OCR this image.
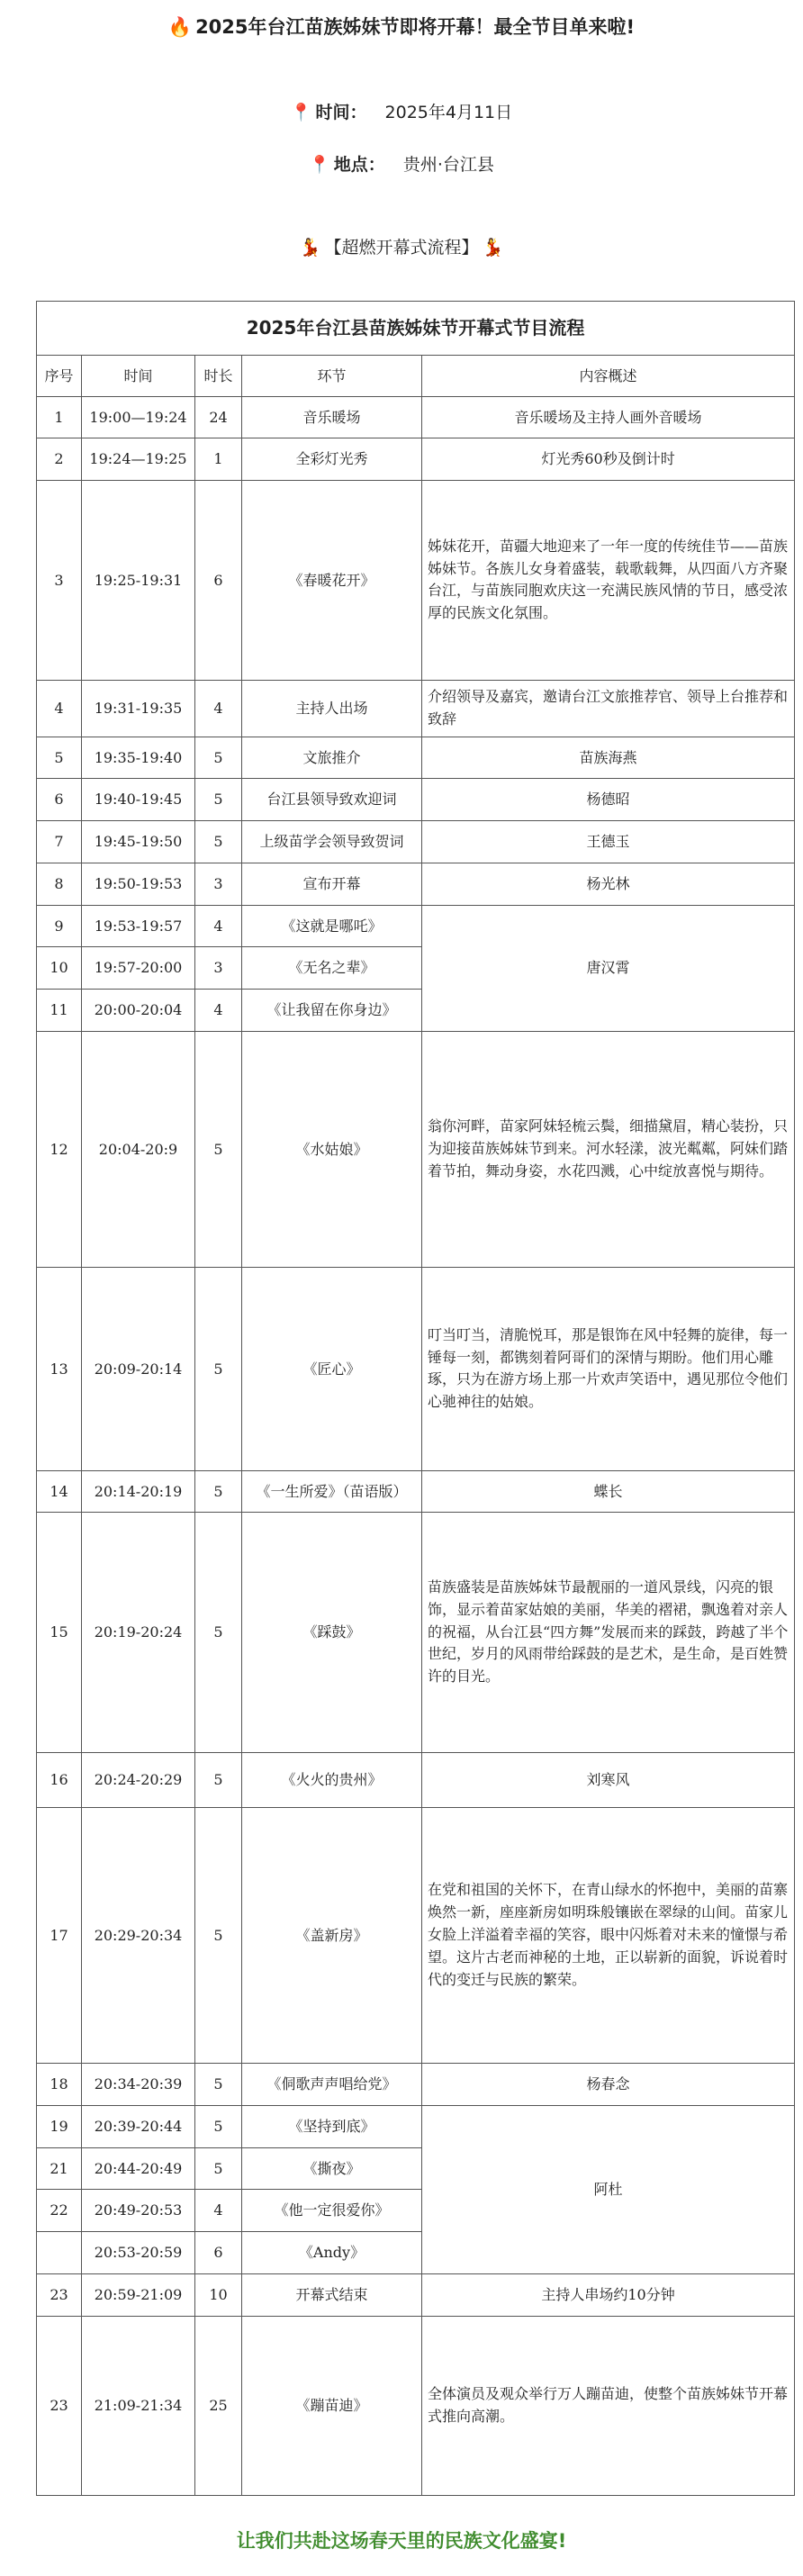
🔥 2025年台江苗族姊妹节即将开幕！最全节目单来啦!
📍 时间： 2025年4月11日
📍 地点： 贵州·台江县
💃 【超燃开幕式流程】 💃
2025年台江县苗族姊妹节开幕式节目流程				
序号	时间	时长	环节	内容概述
1	19:00—19:24	24	音乐暖场	音乐暖场及主持人画外音暖场
2	19:24—19:25	1	全彩灯光秀	灯光秀60秒及倒计时
3	19:25-19:31	6	《春暖花开》	姊妹花开，苗疆大地迎来了一年一度的传统佳节——苗族姊妹节。各族儿女身着盛装，载歌载舞，从四面八方齐聚台江，与苗族同胞欢庆这一充满民族风情的节日，感受浓厚的民族文化氛围。
4	19:31-19:35	4	主持人出场	介绍领导及嘉宾，邀请台江文旅推荐官、领导上台推荐和致辞
5	19:35-19:40	5	文旅推介	苗族海燕
6	19:40-19:45	5	台江县领导致欢迎词	杨德昭
7	19:45-19:50	5	上级苗学会领导致贺词	王德玉
8	19:50-19:53	3	宣布开幕	杨光林
9	19:53-19:57	4	《这就是哪吒》	唐汉霄
10	19:57-20:00	3	《无名之辈》	
11	20:00-20:04	4	《让我留在你身边》	
12	20:04-20:9	5	《水姑娘》	翁你河畔，苗家阿妹轻梳云鬓，细描黛眉，精心装扮，只为迎接苗族姊妹节到来。河水轻漾，波光粼粼，阿妹们踏着节拍，舞动身姿，水花四溅，心中绽放喜悦与期待。
13	20:09-20:14	5	《匠心》	叮当叮当，清脆悦耳，那是银饰在风中轻舞的旋律，每一锤每一刻，都镌刻着阿哥们的深情与期盼。他们用心雕琢，只为在游方场上那一片欢声笑语中，遇见那位令他们心驰神往的姑娘。
14	20:14-20:19	5	《一生所爱》（苗语版）	蝶长
15	20:19-20:24	5	《踩鼓》	苗族盛装是苗族姊妹节最靓丽的一道风景线，闪亮的银饰，显示着苗家姑娘的美丽，华美的褶裙，飘逸着对亲人的祝福，从台江县“四方舞”发展而来的踩鼓，跨越了半个世纪，岁月的风雨带给踩鼓的是艺术，是生命，是百姓赞许的目光。
16	20:24-20:29	5	《火火的贵州》	刘寒风
17	20:29-20:34	5	《盖新房》	在党和祖国的关怀下，在青山绿水的怀抱中，美丽的苗寨焕然一新，座座新房如明珠般镶嵌在翠绿的山间。苗家儿女脸上洋溢着幸福的笑容，眼中闪烁着对未来的憧憬与希望。这片古老而神秘的土地，正以崭新的面貌，诉说着时代的变迁与民族的繁荣。
18	20:34-20:39	5	《侗歌声声唱给党》	杨春念
19	20:39-20:44	5	《坚持到底》	阿杜
21	20:44-20:49	5	《撕夜》	
22	20:49-20:53	4	《他一定很爱你》	
	20:53-20:59	6	《Andy》	
23	20:59-21:09	10	开幕式结束	主持人串场约10分钟
23	21:09-21:34	25	《蹦苗迪》	全体演员及观众举行万人蹦苗迪，使整个苗族姊妹节开幕式推向高潮。
让我们共赴这场春天里的民族文化盛宴!
